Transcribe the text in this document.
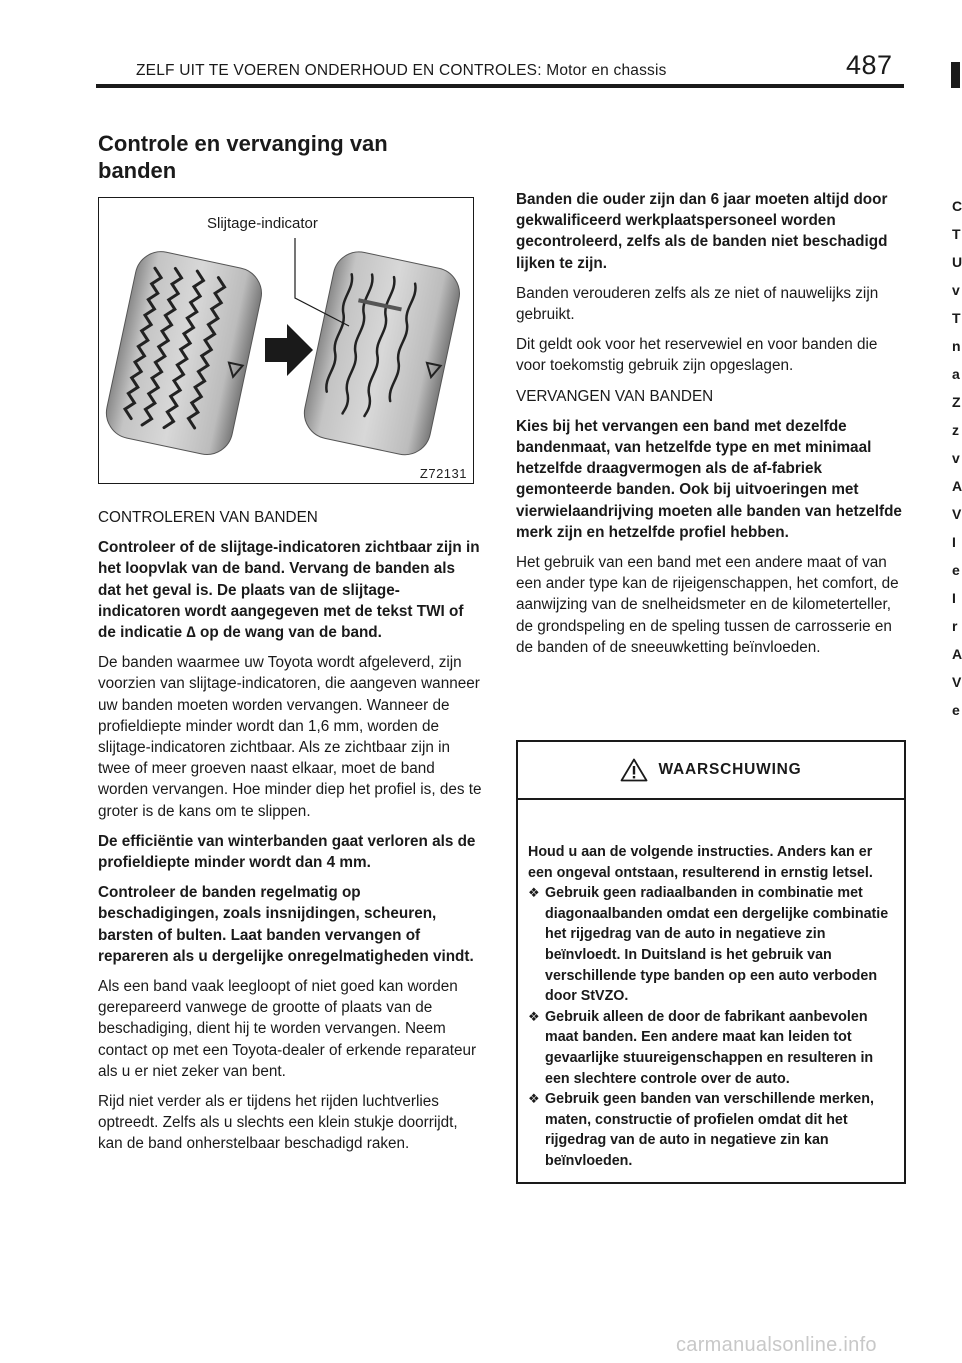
ZELF UIT TE VOEREN ONDERHOUD EN CONTROLES: Motor en chassis	487
Controle en vervanging van banden
Slijtage-indicator
Z72131

CONTROLEREN VAN BANDEN

Controleer of de slijtage-indicatoren zichtbaar zijn in het loopvlak van de band. Vervang de banden als dat het geval is. De plaats van de slijtage-indicatoren wordt aangegeven met de tekst TWI of de indicatie ∆ op de wang van de band.

De banden waarmee uw Toyota wordt afgeleverd, zijn voorzien van slijtage-indicatoren, die aangeven wanneer uw banden moeten worden vervangen. Wanneer de profieldiepte minder wordt dan 1,6 mm, worden de slijtage-indicatoren zichtbaar. Als ze zichtbaar zijn in twee of meer groeven naast elkaar, moet de band worden vervangen. Hoe minder diep het profiel is, des te groter is de kans om te slippen.

De efficiëntie van winterbanden gaat verloren als de profieldiepte minder wordt dan 4 mm.

Controleer de banden regelmatig op beschadigingen, zoals insnijdingen, scheuren, barsten of bulten. Laat banden vervangen of repareren als u dergelijke onregelmatigheden vindt.

Als een band vaak leegloopt of niet goed kan worden gerepareerd vanwege de grootte of plaats van de beschadiging, dient hij te worden vervangen. Neem contact op met een Toyota-dealer of erkende reparateur als u er niet zeker van bent.

Rijd niet verder als er tijdens het rijden luchtverlies optreedt. Zelfs als u slechts een klein stukje doorrijdt, kan de band onherstelbaar beschadigd raken.

Banden die ouder zijn dan 6 jaar moeten altijd door gekwalificeerd werkplaatspersoneel worden gecontroleerd, zelfs als de banden niet beschadigd lijken te zijn.

Banden verouderen zelfs als ze niet of nauwelijks zijn gebruikt.

Dit geldt ook voor het reservewiel en voor banden die voor toekomstig gebruik zijn opgeslagen.

VERVANGEN VAN BANDEN

Kies bij het vervangen een band met dezelfde bandenmaat, van hetzelfde type en met minimaal hetzelfde draagvermogen als de af-fabriek gemonteerde banden. Ook bij uitvoeringen met vierwielaandrijving moeten alle banden van hetzelfde merk zijn en hetzelfde profiel hebben.

Het gebruik van een band met een andere maat of van een ander type kan de rijeigenschappen, het comfort, de aanwijzing van de snelheidsmeter en de kilometerteller, de grondspeling en de speling tussen de carrosserie en de banden of de sneeuwketting beïnvloeden.

WAARSCHUWING

Houd u aan de volgende instructies. Anders kan er een ongeval ontstaan, resulterend in ernstig letsel.

❖ Gebruik geen radiaalbanden in combinatie met diagonaalbanden omdat een dergelijke combinatie het rijgedrag van de auto in negatieve zin beïnvloedt. In Duitsland is het gebruik van verschillende type banden op een auto verboden door StVZO.
❖ Gebruik alleen de door de fabrikant aanbevolen maat banden. Een andere maat kan leiden tot gevaarlijke stuureigenschappen en resulteren in een slechtere controle over de auto.
❖ Gebruik geen banden van verschillende merken, maten, constructie of profielen omdat dit het rijgedrag van de auto in negatieve zin kan beïnvloeden.
C
T
U
v
T
n
a
Z
z
v
A
V
I
e
I
r
A
V
e
carmanualsonline.info
